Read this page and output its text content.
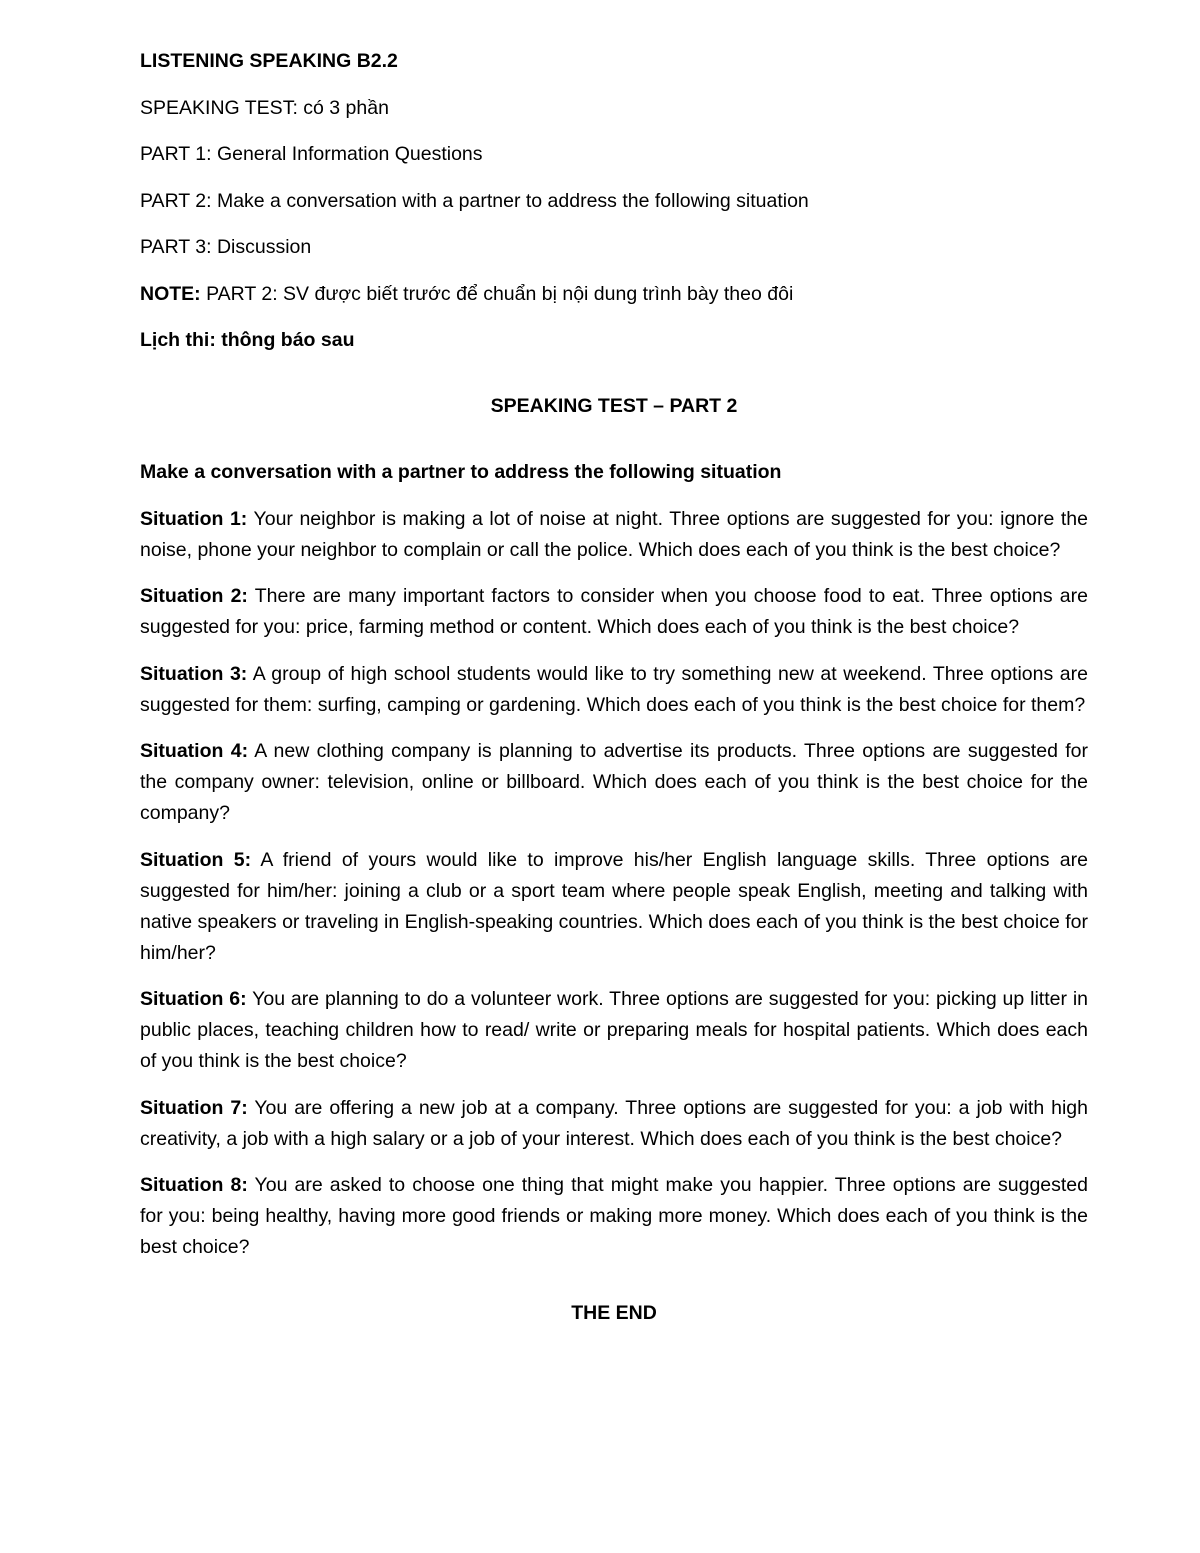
LISTENING SPEAKING B2.2

SPEAKING TEST: có 3 phần

PART 1: General Information Questions

PART 2: Make a conversation with a partner to address the following situation

PART 3: Discussion

NOTE: PART 2: SV được biết trước để chuẩn bị nội dung trình bày theo đôi

Lịch thi: thông báo sau

SPEAKING TEST – PART 2

Make a conversation with a partner to address the following situation

Situation 1: Your neighbor is making a lot of noise at night. Three options are suggested for you: ignore the noise, phone your neighbor to complain or call the police. Which does each of you think is the best choice?

Situation 2: There are many important factors to consider when you choose food to eat. Three options are suggested for you: price, farming method or content. Which does each of you think is the best choice?

Situation 3: A group of high school students would like to try something new at weekend. Three options are suggested for them: surfing, camping or gardening. Which does each of you think is the best choice for them?

Situation 4: A new clothing company is planning to advertise its products. Three options are suggested for the company owner: television, online or billboard. Which does each of you think is the best choice for the company?

Situation 5: A friend of yours would like to improve his/her English language skills. Three options are suggested for him/her: joining a club or a sport team where people speak English, meeting and talking with native speakers or traveling in English-speaking countries. Which does each of you think is the best choice for him/her?

Situation 6: You are planning to do a volunteer work. Three options are suggested for you: picking up litter in public places, teaching children how to read/ write or preparing meals for hospital patients. Which does each of you think is the best choice?

Situation 7: You are offering a new job at a company. Three options are suggested for you: a job with high creativity, a job with a high salary or a job of your interest. Which does each of you think is the best choice?

Situation 8: You are asked to choose one thing that might make you happier. Three options are suggested for you: being healthy, having more good friends or making more money. Which does each of you think is the best choice?

THE END
